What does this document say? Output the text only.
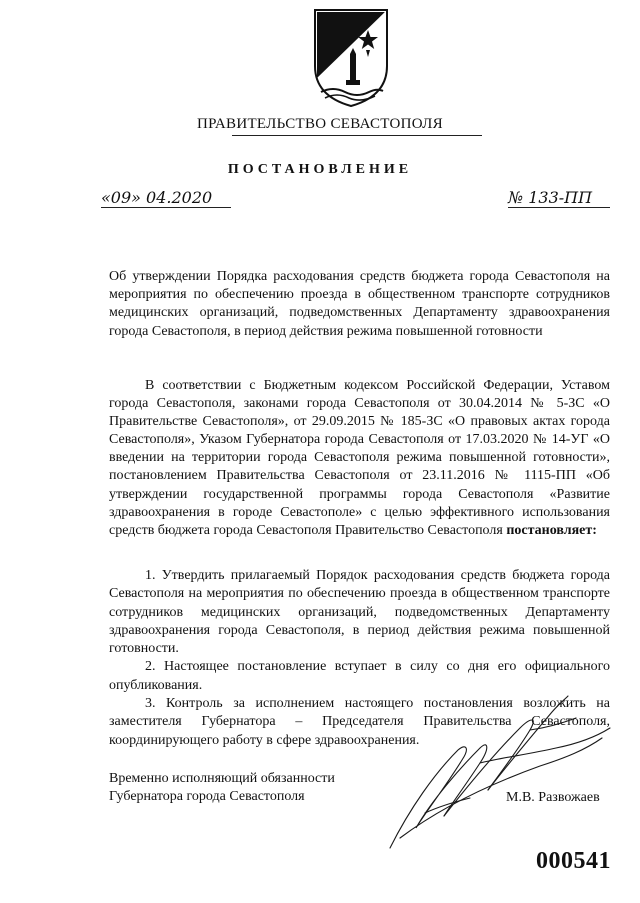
ПРАВИТЕЛЬСТВО СЕВАСТОПОЛЯ
ПОСТАНОВЛЕНИЕ
«09» 04.2020	№ 133-ПП
Об утверждении Порядка расходования средств бюджета города Севастополя на мероприятия по обеспечению проезда в общественном транспорте сотрудников медицинских организаций, подведомственных Департаменту здравоохранения города Севастополя, в период действия режима повышенной готовности
В соответствии с Бюджетным кодексом Российской Федерации, Уставом города Севастополя, законами города Севастополя от 30.04.2014 № 5-ЗС «О Правительстве Севастополя», от 29.09.2015 № 185-ЗС «О правовых актах города Севастополя», Указом Губернатора города Севастополя от 17.03.2020 № 14-УГ «О введении на территории города Севастополя режима повышенной готовности», постановлением Правительства Севастополя от 23.11.2016 № 1115-ПП «Об утверждении государственной программы города Севастополя «Развитие здравоохранения в городе Севастополе» с целью эффективного использования средств бюджета города Севастополя Правительство Севастополя постановляет:

1. Утвердить прилагаемый Порядок расходования средств бюджета города Севастополя на мероприятия по обеспечению проезда в общественном транспорте сотрудников медицинских организаций, подведомственных Департаменту здравоохранения города Севастополя, в период действия режима повышенной готовности.

2. Настоящее постановление вступает в силу со дня его официального опубликования.

3. Контроль за исполнением настоящего постановления возложить на заместителя Губернатора – Председателя Правительства Севастополя, координирующего работу в сфере здравоохранения.

Временно исполняющий обязанности
Губернатора города Севастополя	М.В. Развожаев
000541
